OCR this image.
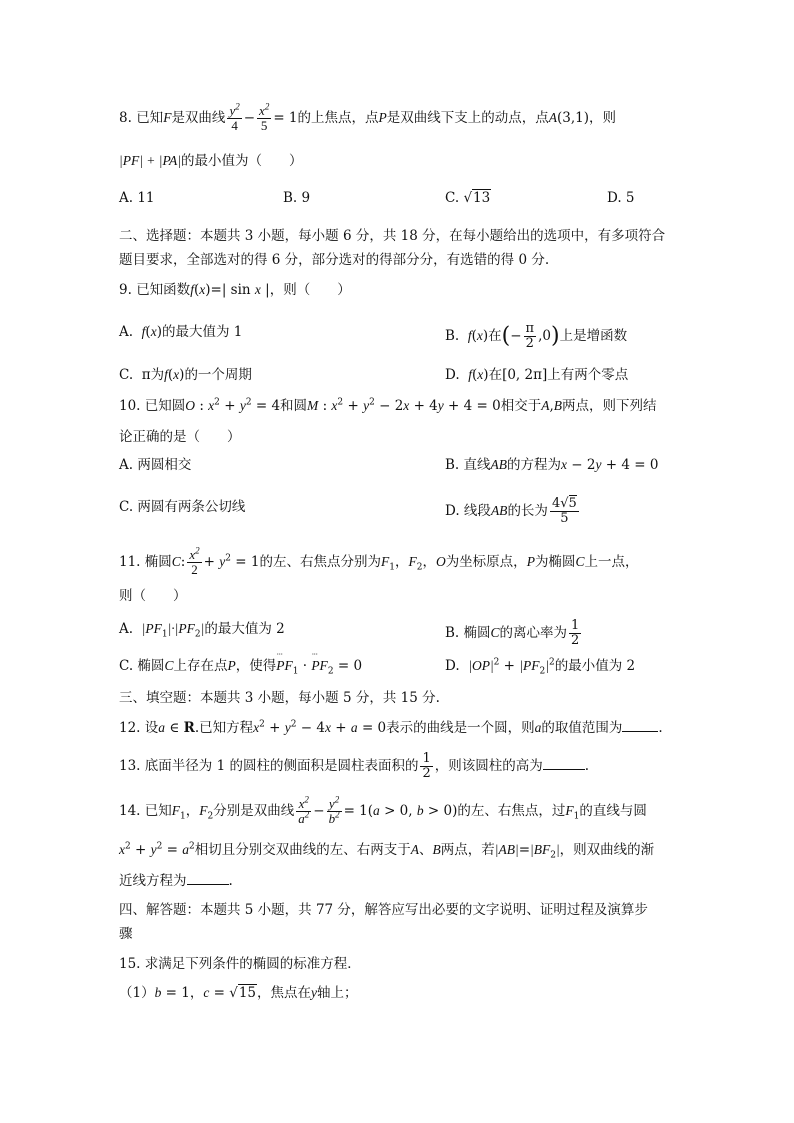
8. 已知F是双曲线 $\frac{y^2}{4} - \frac{x^2}{5} = 1$的上焦点，点P是双曲线下支上的动点，点A(3,1)，则
|PF| + |PA|的最小值为（　　）
A. 11	B. 9	C. √13	D. 5
二、选择题：本题共 3 小题，每小题 6 分，共 18 分，在每小题给出的选项中，有多项符合
题目要求，全部选对的得 6 分，部分选对的得部分分，有选错的得 0 分.
9. 已知函数f(x)=| sin x |，则（　　）
A. f(x)的最大值为 1	B. f(x)在(− $\frac{\pi}{2} ,0$)上是增函数
C.  π为f(x)的一个周期	D. f(x)在[0, 2π]上有两个零点
10. 已知圆O : $x^2 + y^2 = 4$和圆M : $x^2 + y^2 - 2x + 4y + 4 = 0$相交于A,B两点，则下列结
论正确的是（　　）
A. 两圆相交	B. 直线AB的方程为x − 2y + 4 = 0
C. 两圆有两条公切线	D. 线段AB的长为 $\frac{4√5}{5}$
11. 椭圆C: $\frac{x^2}{2} + y^2 = 1$的左、右焦点分别为$F_1$，$F_2$，O为坐标原点，P为椭圆C上一点，
则（　　）
A. $|PF_1|\cdot|PF_2|$的最大值为 2	B. 椭圆C的离心率为 $\frac{1}{2}$
C. 椭圆C上存在点P，使得˙˙˙ $PF_1$ · ˙˙˙ $PF_2 = 0$	D. $|OP|^2 + |PF_2|^2$的最小值为 2
三、填空题：本题共 3 小题，每小题 5 分，共 15 分.
12. 设a ∈ R.已知方程$x^2 + y^2 - 4x + a = 0$表示的曲线是一个圆，则a的取值范围为	.
13. 底面半径为 1 的圆柱的侧面积是圆柱表面积的 $\frac{1}{2}$ ，则该圆柱的高为	.
14. 已知$F_1$，$F_2$分别是双曲线 $\frac{x^2}{a^2} - \frac{y^2}{b^2} = 1(a > 0$, b > 0)的左、右焦点，过$F_1$的直线与圆
$x^2 + y^2 = a^2$相切且分别交双曲线的左、右两支于A、B两点，若$|AB|=|BF_2|$，则双曲线的渐
近线方程为	.
四、解答题：本题共 5 小题，共 77 分，解答应写出必要的文字说明、证明过程及演算步
骤
15. 求满足下列条件的椭圆的标准方程．
（1）b = 1，c = √15，焦点在y轴上；
